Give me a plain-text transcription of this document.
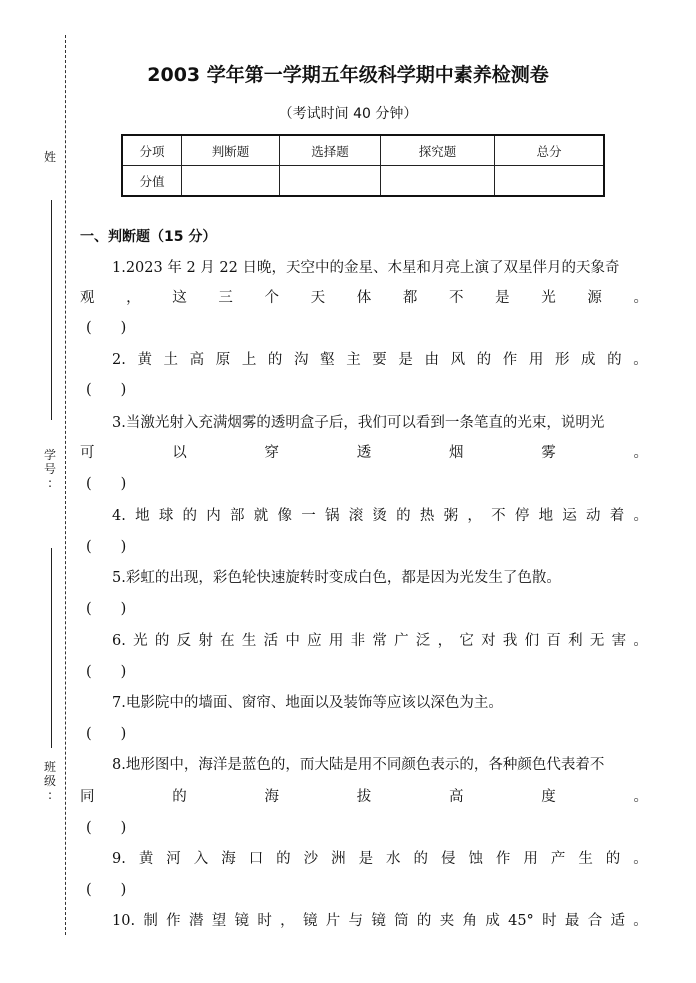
姓
学
号
:
班
级
:
2003 学年第一学期五年级科学期中素养检测卷
（考试时间 40 分钟）
分项	判断题	选择题	探究题	总分
分值				
一、判断题（15 分）
1.2023 年 2 月 22 日晚，天空中的金星、木星和月亮上演了双星伴月的天象奇
观 ， 这 三 个 天 体 都 不 是 光 源 。
(　　)
2. 黄 土 高 原 上 的 沟 壑 主 要 是 由 风 的 作 用 形 成 的 。
(　　)
3.当激光射入充满烟雾的透明盒子后，我们可以看到一条笔直的光束，说明光
可	以	穿	透	烟	雾	。
(　　)
4. 地 球 的 内 部 就 像 一 锅 滚 烫 的 热 粥 ， 不 停 地 运 动 着 。
(　　)
5.彩虹的出现，彩色轮快速旋转时变成白色，都是因为光发生了色散。
(　　)
6. 光 的 反 射 在 生 活 中 应 用 非 常 广 泛 ， 它 对 我 们 百 利 无 害 。
(　　)
7.电影院中的墙面、窗帘、地面以及装饰等应该以深色为主。
(　　)
8.地形图中，海洋是蓝色的，而大陆是用不同颜色表示的，各种颜色代表着不
同	的	海	拔	高	度	。
(　　)
9. 黄 河 入 海 口 的 沙 洲 是 水 的 侵 蚀 作 用 产 生 的 。
(　　)
10. 制 作 潜 望 镜 时 ， 镜 片 与 镜 筒 的 夹 角 成 45° 时 最 合 适 。
